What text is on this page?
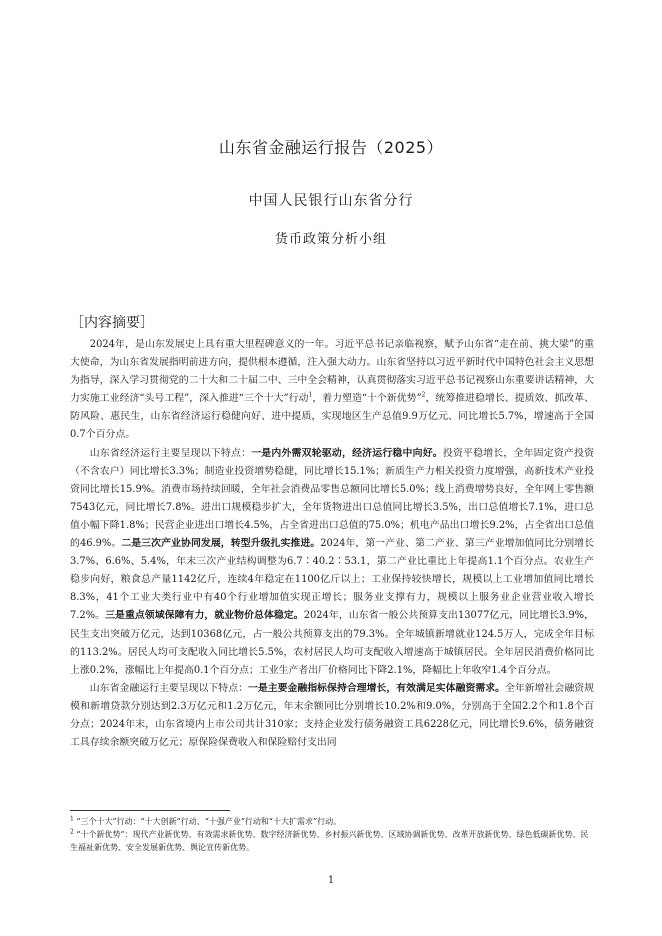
山东省金融运行报告（2025）
中国人民银行山东省分行
货币政策分析小组
［内容摘要］

2024年，是山东发展史上具有重大里程碑意义的一年。习近平总书记亲临视察，赋予山东省“走在前、挑大梁”的重大使命，为山东省发展指明前进方向，提供根本遵循，注入强大动力。山东省坚持以习近平新时代中国特色社会主义思想为指导，深入学习贯彻党的二十大和二十届二中、三中全会精神，认真贯彻落实习近平总书记视察山东重要讲话精神，大力实施工业经济“头号工程”，深入推进“三个十大”行动$^1$，着力塑造“十个新优势”$^2$，统筹推进稳增长、提质效、抓改革、防风险、惠民生，山东省经济运行稳健向好、进中提质，实现地区生产总值9.9万亿元、同比增长5.7%，增速高于全国0.7个百分点。

山东省经济运行主要呈现以下特点：一是内外需双轮驱动，经济运行稳中向好。投资平稳增长，全年固定资产投资（不含农户）同比增长3.3%；制造业投资增势稳健，同比增长15.1%；新质生产力相关投资力度增强，高新技术产业投资同比增长15.9%。消费市场持续回暖，全年社会消费品零售总额同比增长5.0%；线上消费增势良好，全年网上零售额7543亿元，同比增长7.8%。进出口规模稳步扩大，全年货物进出口总值同比增长3.5%，出口总值增长7.1%，进口总值小幅下降1.8%；民营企业进出口增长4.5%，占全省进出口总值的75.0%；机电产品出口增长9.2%，占全省出口总值的46.9%。二是三次产业协同发展，转型升级扎实推进。2024年，第一产业、第二产业、第三产业增加值同比分别增长3.7%、6.6%、5.4%，年末三次产业结构调整为6.7∶40.2∶53.1，第二产业比重比上年提高1.1个百分点。农业生产稳步向好，粮食总产量1142亿斤，连续4年稳定在1100亿斤以上；工业保持较快增长，规模以上工业增加值同比增长8.3%，41个工业大类行业中有40个行业增加值实现正增长；服务业支撑有力，规模以上服务业企业营业收入增长7.2%。三是重点领域保障有力，就业物价总体稳定。2024年，山东省一般公共预算支出13077亿元，同比增长3.9%，民生支出突破万亿元，达到10368亿元，占一般公共预算支出的79.3%。全年城镇新增就业124.5万人，完成全年目标的113.2%。居民人均可支配收入同比增长5.5%，农村居民人均可支配收入增速高于城镇居民。全年居民消费价格同比上涨0.2%，涨幅比上年提高0.1个百分点；工业生产者出厂价格同比下降2.1%，降幅比上年收窄1.4个百分点。

山东省金融运行主要呈现以下特点：一是主要金融指标保持合理增长，有效满足实体融资需求。全年新增社会融资规模和新增贷款分别达到2.3万亿元和1.2万亿元，年末余额同比分别增长10.2%和9.0%，分别高于全国2.2个和1.8个百分点；2024年末，山东省境内上市公司共计310家；支持企业发行债务融资工具6228亿元，同比增长9.6%，债务融资工具存续余额突破万亿元；原保险保费收入和保险赔付支出同

$^1$ “三个十大”行动：“十大创新”行动、“十强产业”行动和“十大扩需求”行动。
$^2$ “十个新优势”：现代产业新优势、有效需求新优势、数字经济新优势、乡村振兴新优势、区域协调新优势、改革开放新优势、绿色低碳新优势、民生福祉新优势、安全发展新优势、舆论宣传新优势。
1
